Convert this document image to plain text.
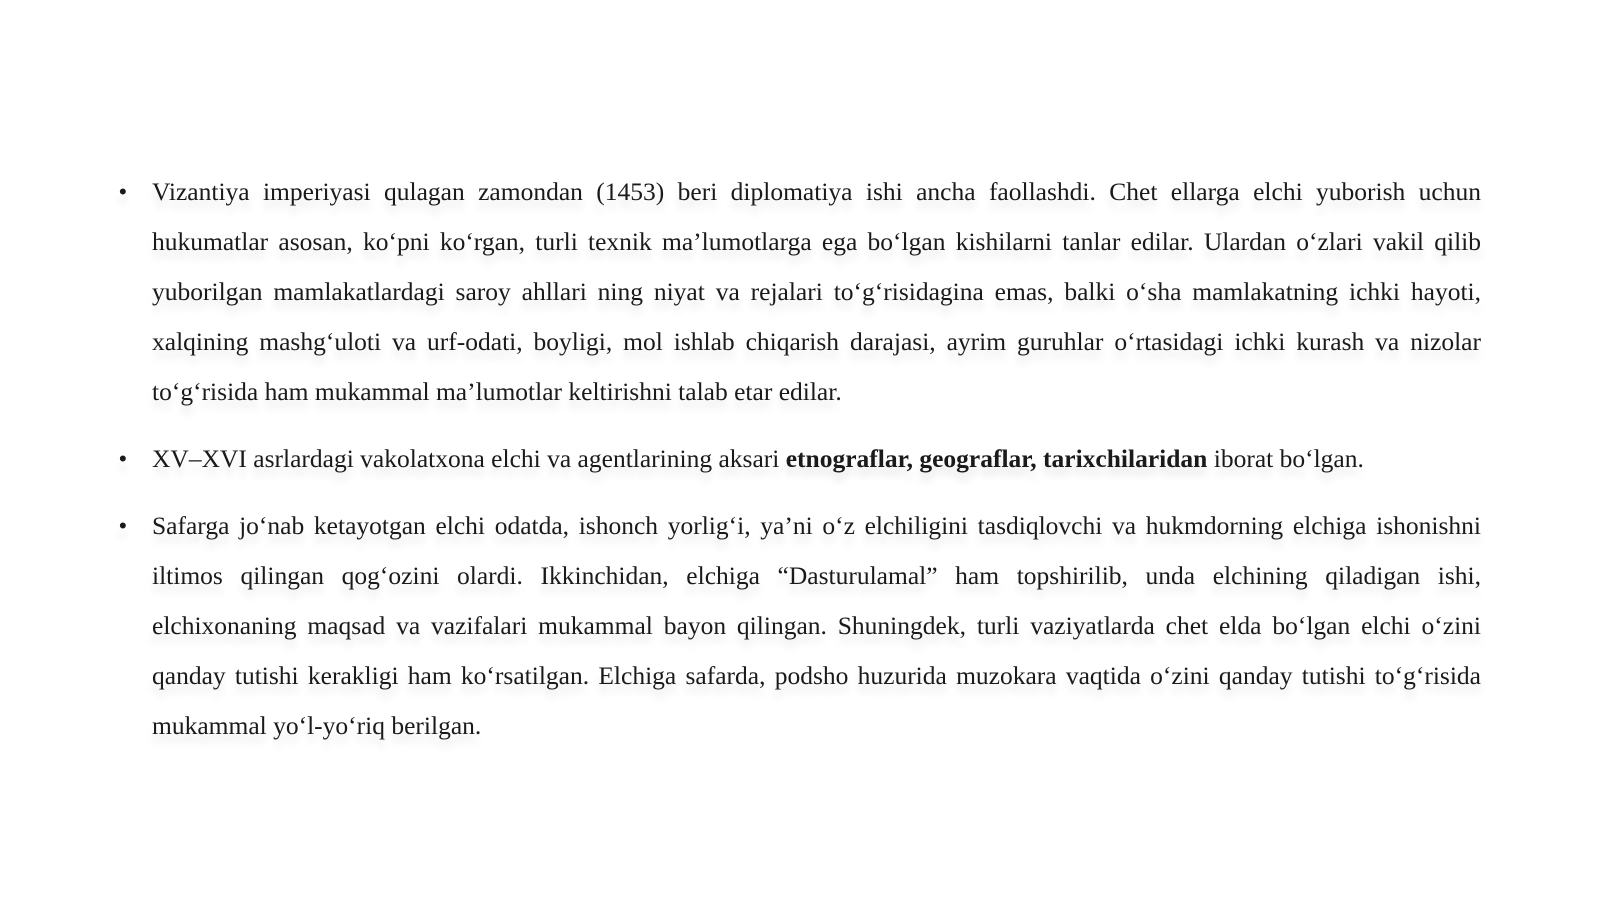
• Vizantiya imperiyasi qulagan zamondan (1453) beri diplomatiya ishi ancha faollashdi. Chet ellarga elchi yuborish uchun hukumatlar asosan, ko‘pni ko‘rgan, turli texnik ma’lumotlarga ega bo‘lgan kishilarni tanlar edilar. Ulardan o‘zlari vakil qilib yuborilgan mamlakatlardagi saroy ahllari ning niyat va rejalari to‘g‘risidagina emas, balki o‘sha mamlakatning ichki hayoti, xalqining mashg‘uloti va urf-odati, boyligi, mol ishlab chiqarish darajasi, ayrim guruhlar o‘rtasidagi ichki kurash va nizolar to‘g‘risida ham mukammal ma’lumotlar keltirishni talab etar edilar.
• XV–XVI asrlardagi vakolatxona elchi va agentlarining aksari etnograflar, geograflar, tarixchilaridan iborat bo‘lgan.
• Safarga jo‘nab ketayotgan elchi odatda, ishonch yorlig‘i, ya’ni o‘z elchiligini tasdiqlovchi va hukmdorning elchiga ishonishni iltimos qilingan qog‘ozini olardi. Ikkinchidan, elchiga “Dasturulamal” ham topshirilib, unda elchining qiladigan ishi, elchixonaning maqsad va vazifalari mukammal bayon qilingan. Shuningdek, turli vaziyatlarda chet elda bo‘lgan elchi o‘zini qanday tutishi kerakligi ham ko‘rsatilgan. Elchiga safarda, podsho huzurida muzokara vaqtida o‘zini qanday tutishi to‘g‘risida mukammal yo‘l-yo‘riq berilgan.
